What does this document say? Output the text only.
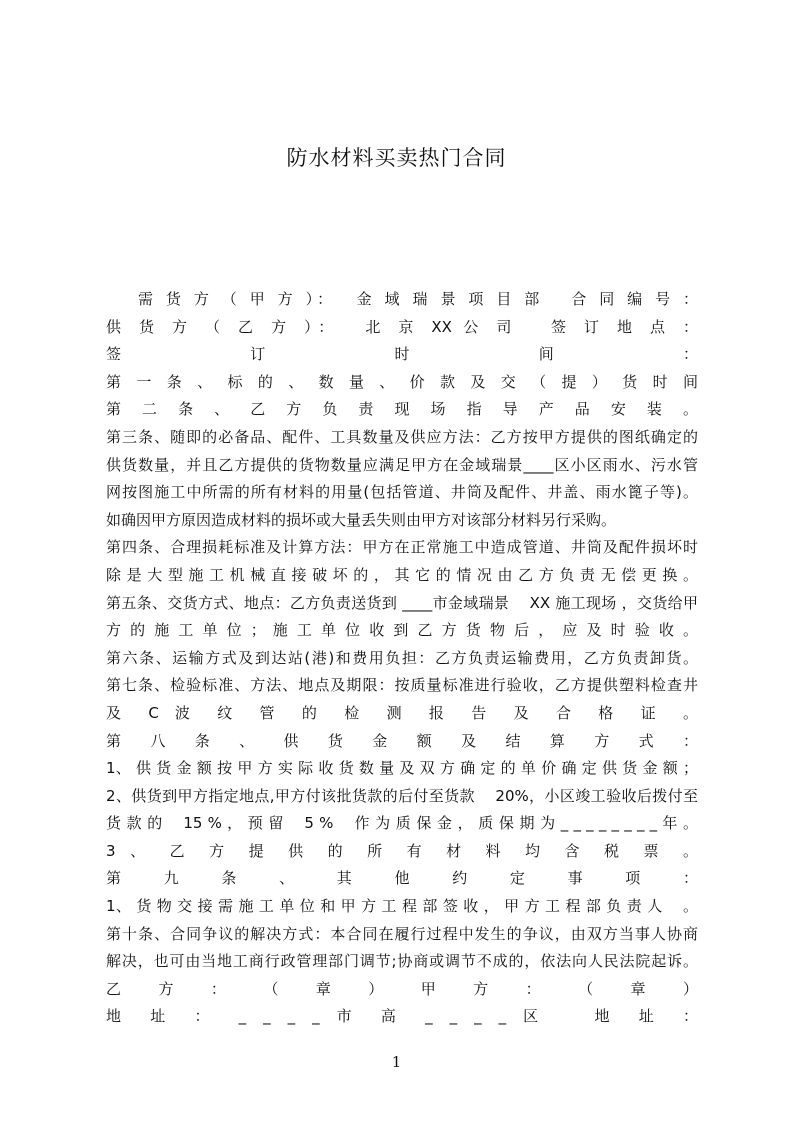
防水材料买卖热门合同
需 货 方 （ 甲 方 ）：　 金 域 瑞 景 项 目 部　 合 同 编 号 ：
供 货 方 （ 乙 方 ）：　 北 京 XX 公 司　 签 订 地 点 ：
签 订 时 间 ：
第 一 条 、 标 的 、 数 量 、 价 款 及 交 （ 提 ） 货 时 间
第 二 条 、 乙 方 负 责 现 场 指 导 产 品 安 装 。
第三条、随即的必备品、配件、工具数量及供应方法：乙方按甲方提供的图纸确定的
供货数量，并且乙方提供的货物数量应满足甲方在金域瑞景____区小区雨水、污水管
网按图施工中所需的所有材料的用量(包括管道、井筒及配件、井盖、雨水篦子等)。
如确因甲方原因造成材料的损坏或大量丢失则由甲方对该部分材料另行采购。
第四条、合理损耗标准及计算方法：甲方在正常施工中造成管道、井筒及配件损坏时
除 是 大 型 施 工 机 械 直 接 破 坏 的 ， 其 它 的 情 况 由 乙 方 负 责 无 偿 更 换 。
第五条、交货方式、地点：乙方负责送货到 ____市金域瑞景　 XX 施工现场 ，交货给甲
方 的 施 工 单 位 ； 施 工 单 位 收 到 乙 方 货 物 后 ， 应 及 时 验 收 。
第六条、运输方式及到达站(港)和费用负担：乙方负责运输费用，乙方负责卸货。
第七条、检验标准、方法、地点及期限：按质量标准进行验收，乙方提供塑料检查井
及 C 波 纹 管 的 检 测 报 告 及 合 格 证 。
第 八 条 、 供 货 金 额 及 结 算 方 式 ：
1、 供 货 金 额 按 甲 方 实 际 收 货 数 量 及 双 方 确 定 的 单 价 确 定 供 货 金 额 ；
2、供货到甲方指定地点,甲方付该批货款的后付至货款　 20%，小区竣工验收后拨付至
货 款 的　 15 % ， 预 留　 5 %　 作 为 质 保 金 ， 质 保 期 为 _ _ _ _ _ _ _ _ 年 。
3 、 乙 方 提 供 的 所 有 材 料 均 含 税 票 。
第 九 条 、 其 他 约 定 事 项 ：
1、 货 物 交 接 需 施 工 单 位 和 甲 方 工 程 部 签 收 ， 甲 方 工 程 部 负 责 人　 。
第十条、合同争议的解决方式：本合同在履行过程中发生的争议，由双方当事人协商
解决，也可由当地工商行政管理部门调节;协商或调节不成的，依法向人民法院起诉。
乙 方 ： （ 章 ） 甲 方 ： （ 章 ）
地 址 ： _ _ _ _ 市 高 _ _ _ _ 区　 地 址 ：
1
